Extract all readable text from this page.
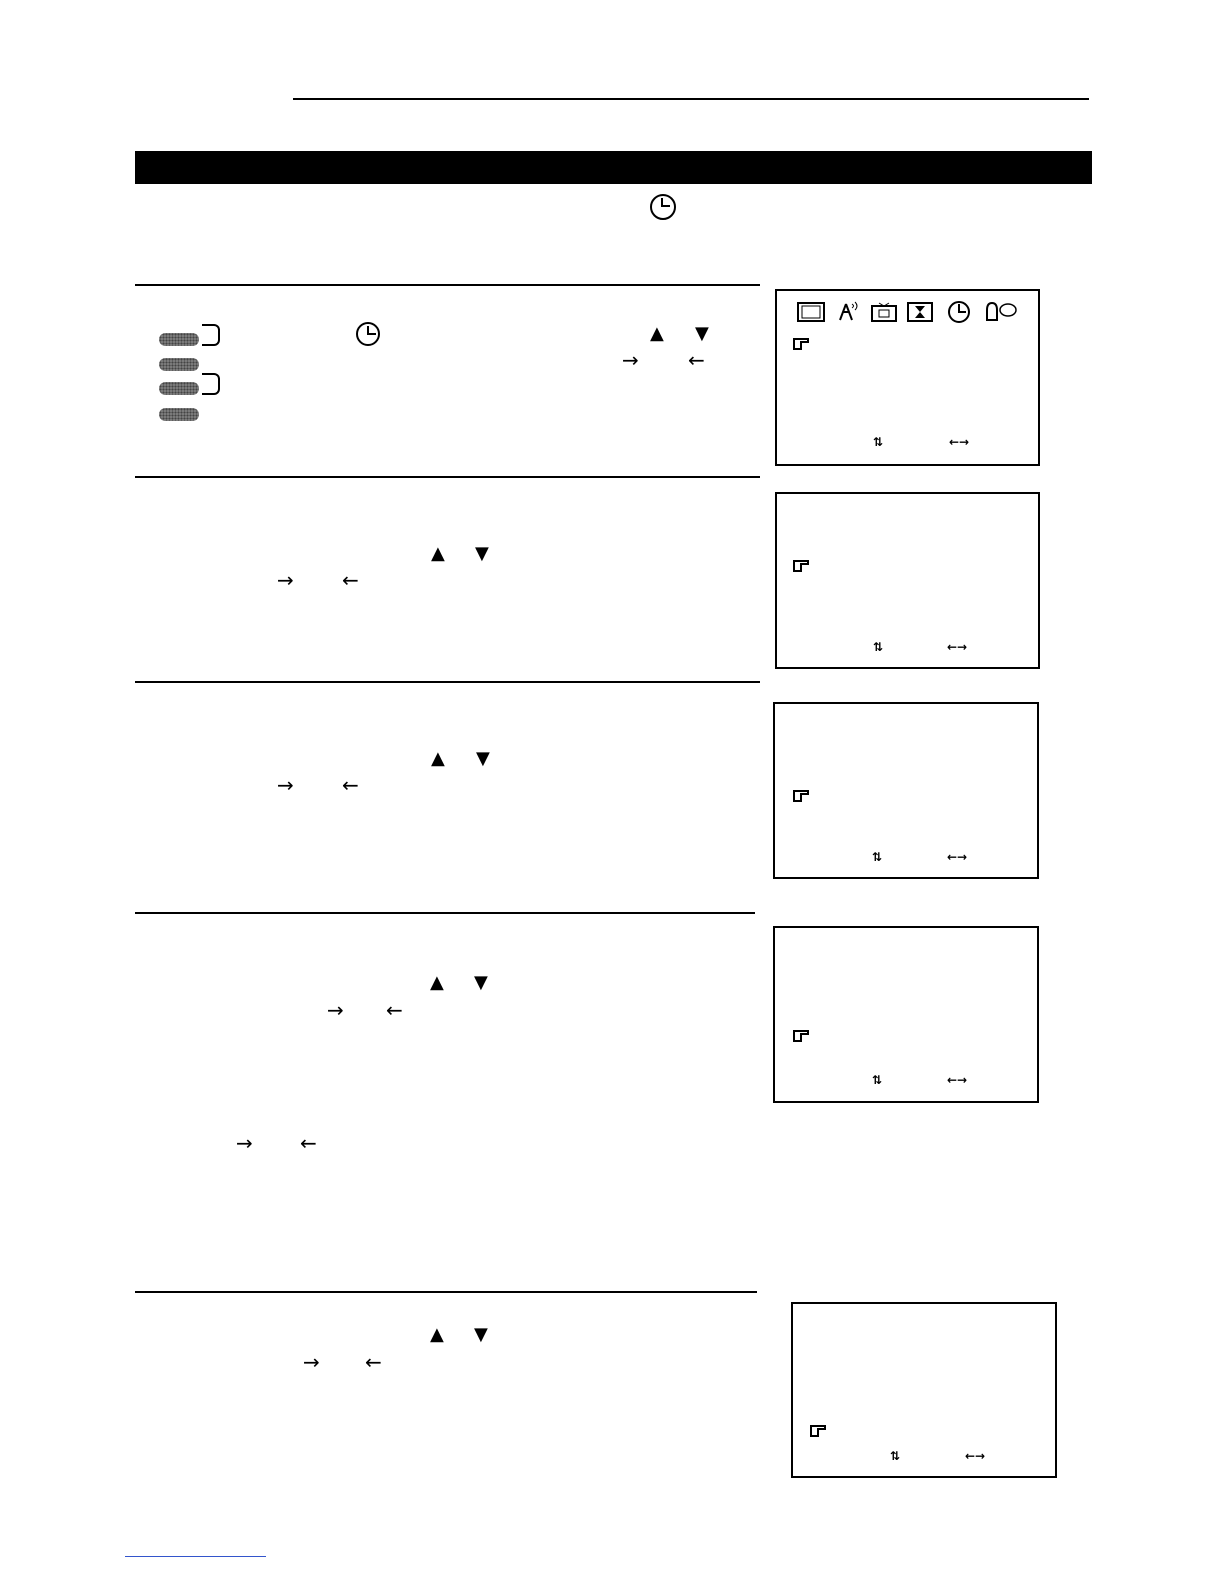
▲ ▼
→ ←
⇅	←→
▲ ▼
→ ←
⇅	←→
▲ ▼
→ ←
⇅	←→
▲ ▼
→ ←
→ ←
⇅	←→
▲ ▼
→ ←
⇅	←→
